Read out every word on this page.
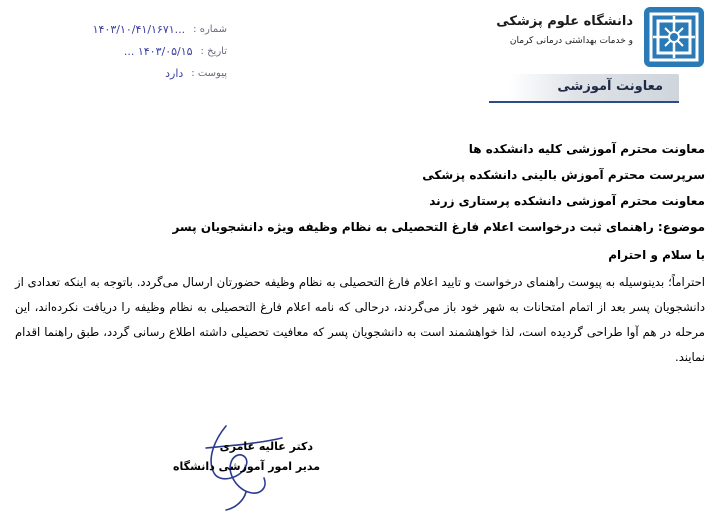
دانشگاه علوم پزشکی
و خدمات بهداشتی درمانی کرمان
معاونت آموزشی
شماره :
...۱۴۰۳/۱۰/۴۱/۱۶۷۱
تاریخ :
۱۴۰۳/۰۵/۱۵ ...
پیوست :
دارد
معاونت محترم آموزشی کلیه دانشکده ها
سرپرست محترم آموزش بالینی دانشکده پزشکی
معاونت محترم آموزشی دانشکده پرستاری زرند
موضوع: راهنمای ثبت درخواست اعلام فارغ التحصیلی به نظام وظیفه ویژه دانشجویان پسر
با سلام و احترام
احتراماً؛ بدینوسیله به پیوست راهنمای درخواست و تایید اعلام فارغ التحصیلی به نظام وظیفه حضورتان ارسال می‌گردد. باتوجه به اینکه تعدادی از دانشجویان پسر بعد از اتمام امتحانات به شهر خود باز می‌گردند، درحالی که نامه اعلام فارغ التحصیلی به نظام وظیفه را دریافت نکرده‌اند، این مرحله در هم آوا طراحی گردیده است، لذا خواهشمند است به دانشجویان پسر که معافیت تحصیلی داشته اطلاع رسانی گردد، طبق راهنما اقدام نمایند.
دکتر عالیه عامری
مدیر امور آموزشی دانشگاه
